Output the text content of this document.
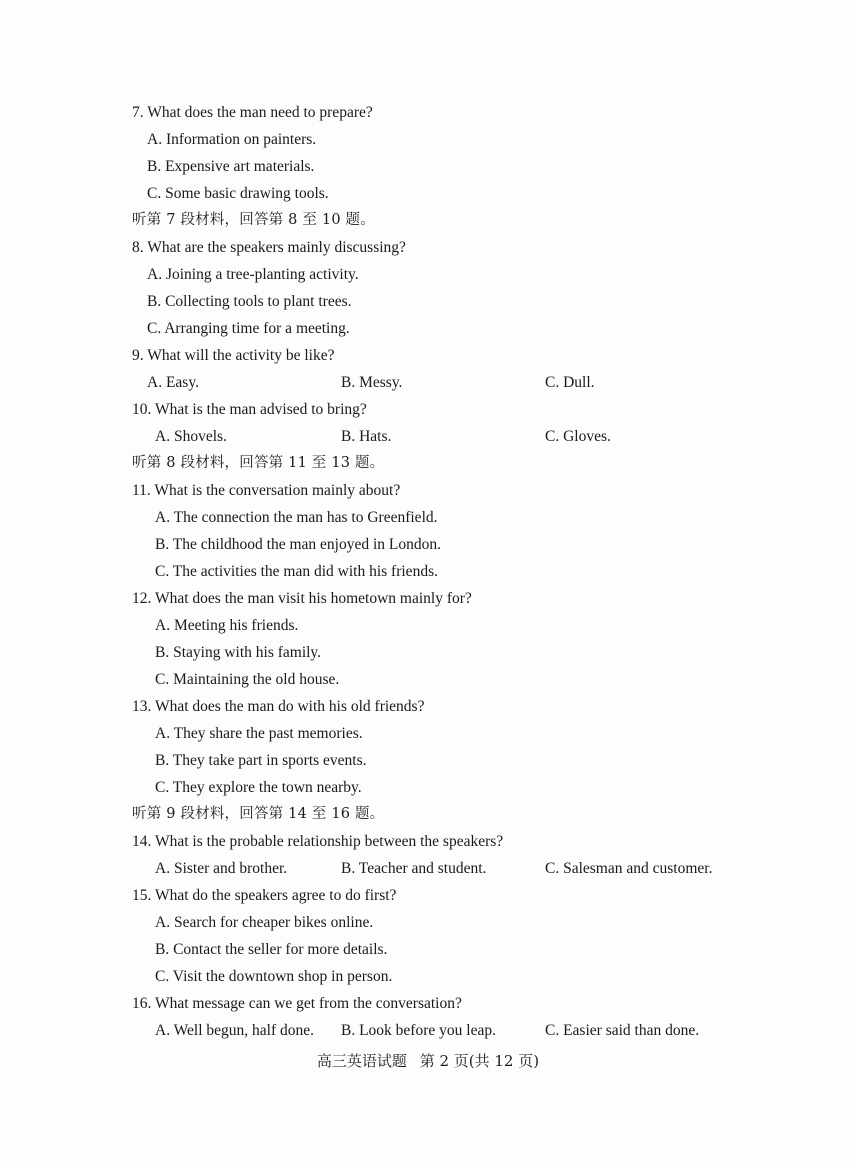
7. What does the man need to prepare?
A. Information on painters.
B. Expensive art materials.
C. Some basic drawing tools.
听第 7 段材料，回答第 8 至 10 题。
8. What are the speakers mainly discussing?
A. Joining a tree-planting activity.
B. Collecting tools to plant trees.
C. Arranging time for a meeting.
9. What will the activity be like?
A. Easy.	B. Messy.	C. Dull.
10. What is the man advised to bring?
A. Shovels.	B. Hats.	C. Gloves.
听第 8 段材料，回答第 11 至 13 题。
11. What is the conversation mainly about?
A. The connection the man has to Greenfield.
B. The childhood the man enjoyed in London.
C. The activities the man did with his friends.
12. What does the man visit his hometown mainly for?
A. Meeting his friends.
B. Staying with his family.
C. Maintaining the old house.
13. What does the man do with his old friends?
A. They share the past memories.
B. They take part in sports events.
C. They explore the town nearby.
听第 9 段材料，回答第 14 至 16 题。
14. What is the probable relationship between the speakers?
A. Sister and brother.	B. Teacher and student.	C. Salesman and customer.
15. What do the speakers agree to do first?
A. Search for cheaper bikes online.
B. Contact the seller for more details.
C. Visit the downtown shop in person.
16. What message can we get from the conversation?
A. Well begun, half done.	B. Look before you leap.	C. Easier said than done.
高三英语试题 第 2 页(共 12 页)
